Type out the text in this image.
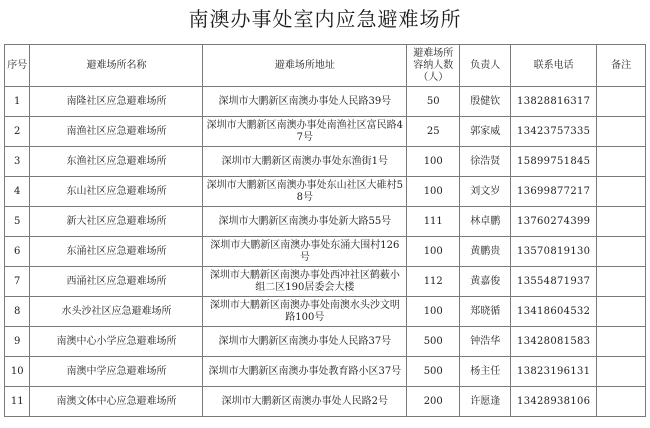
南澳办事处室内应急避难场所
序号	避难场所名称	避难场所地址	避难场所容纳人数（人）	负责人	联系电话	备注
1	南隆社区应急避难场所	深圳市大鹏新区南澳办事处人民路39号	50	殷健钦	13828816317	
2	南渔社区应急避难场所	深圳市大鹏新区南澳办事处南渔社区富民路47号	25	郭家威	13423757335	
3	东渔社区应急避难场所	深圳市大鹏新区南澳办事处东渔街1号	100	徐浩贤	15899751845	
4	东山社区应急避难场所	深圳市大鹏新区南澳办事处东山社区大碓村58号	100	刘文岁	13699877217	
5	新大社区应急避难场所	深圳市大鹏新区南澳办事处新大路55号	111	林卓鹏	13760274399	
6	东涌社区应急避难场所	深圳市大鹏新区南澳办事处东涌大围村126号	100	黄鹏贵	13570819130	
7	西涌社区应急避难场所	深圳市大鹏新区南澳办事处西冲社区鹤薮小组二区190居委会大楼	112	黄嘉俊	13554871937	
8	水头沙社区应急避难场所	深圳市大鹏新区南澳办事处南澳水头沙文明路100号	100	郑晓循	13418604532	
9	南澳中心小学应急避难场所	深圳市大鹏新区南澳办事处人民路37号	500	钟浩华	13428081583	
10	南澳中学应急避难场所	深圳市大鹏新区南澳办事处教育路小区37号	500	杨主任	13823196131	
11	南澳文体中心应急避难场所	深圳市大鹏新区南澳办事处人民路2号	200	许愿逢	13428938106	
